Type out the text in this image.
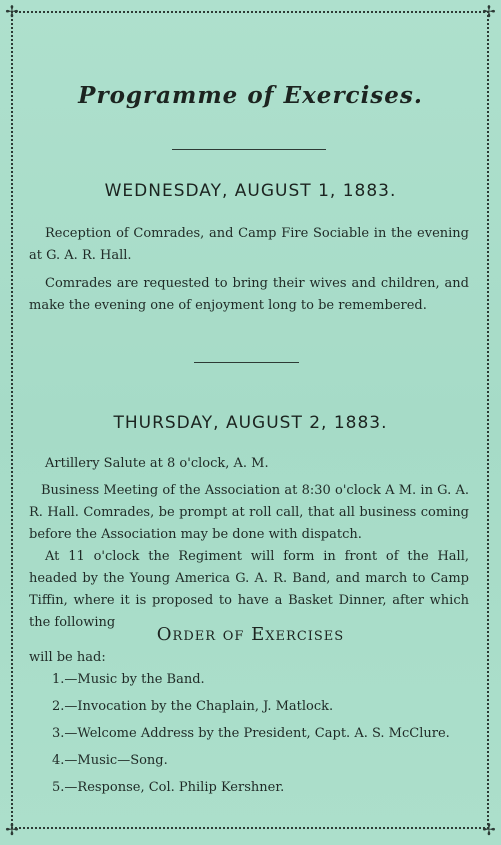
✢	✢
✢	✢
Programme of Exercises.
WEDNESDAY, AUGUST 1, 1883.
Reception of Comrades, and Camp Fire Sociable in the evening at G. A. R. Hall.
Comrades are requested to bring their wives and children, and make the evening one of enjoyment long to be remembered.
THURSDAY, AUGUST 2, 1883.
Artillery Salute at 8 o'clock, A. M.
Business Meeting of the Association at 8:30 o'clock A M. in G. A. R. Hall. Comrades, be prompt at roll call, that all business coming before the Association may be done with dispatch.
At 11 o'clock the Regiment will form in front of the Hall, headed by the Young America G. A. R. Band, and march to Camp Tiffin, where it is proposed to have a Basket Dinner, after which the following
Order of Exercises
will be had:
1.—Music by the Band.
2.—Invocation by the Chaplain, J. Matlock.
3.—Welcome Address by the President, Capt. A. S. McClure.
4.—Music—Song.
5.—Response, Col. Philip Kershner.
